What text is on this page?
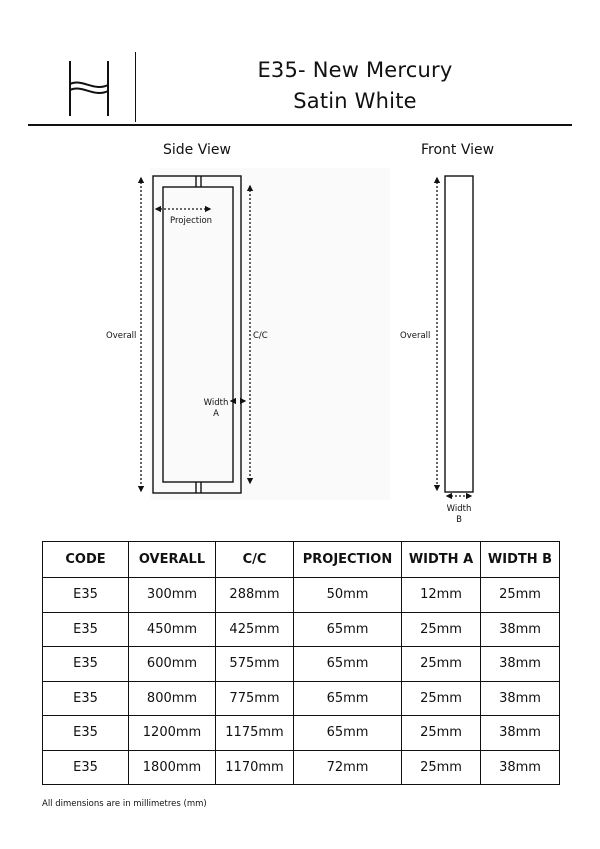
E35- New Mercury
Satin White
Side View	Front View
Overall	C/C
Projection
Width
A
Overall
Width
B
CODE	OVERALL	C/C	PROJECTION	WIDTH A	WIDTH B
E35	300mm	288mm	50mm	12mm	25mm
E35	450mm	425mm	65mm	25mm	38mm
E35	600mm	575mm	65mm	25mm	38mm
E35	800mm	775mm	65mm	25mm	38mm
E35	1200mm	1175mm	65mm	25mm	38mm
E35	1800mm	1170mm	72mm	25mm	38mm
All dimensions are in millimetres (mm)
